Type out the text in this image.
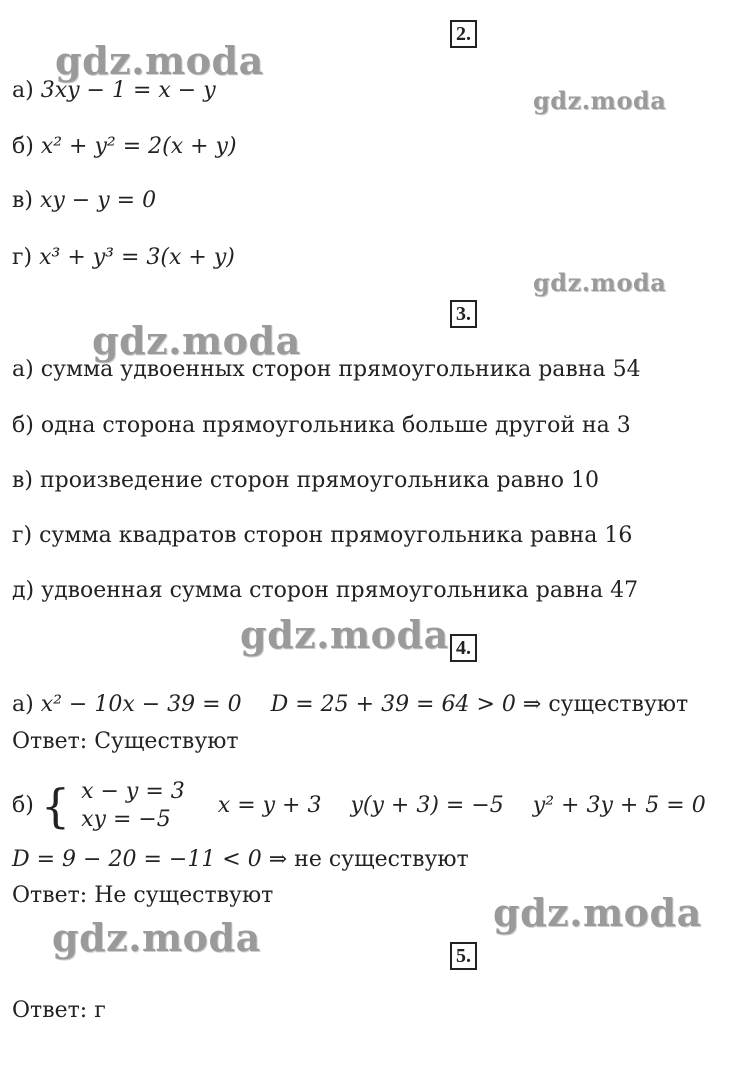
gdz.moda
gdz.moda
gdz.moda
gdz.moda
gdz.moda
gdz.moda
gdz.moda
2.
а) 3xy − 1 = x − y
б) x² + y² = 2(x + y)
в) xy − y = 0
г) x³ + y³ = 3(x + y)
3.
а) сумма удвоенных сторон прямоугольника равна 54
б) одна сторона прямоугольника больше другой на 3
в) произведение сторон прямоугольника равно 10
г) сумма квадратов сторон прямоугольника равна 16
д) удвоенная сумма сторон прямоугольника равна 47
4.
а) x² − 10x − 39 = 0 D = 25 + 39 = 64 > 0 ⇒ существуют
Ответ: Существуют
б) { x − y = 3
xy = −5
x = y + 3 y(y + 3) = −5 y² + 3y + 5 = 0
D = 9 − 20 = −11 < 0 ⇒ не существуют
Ответ: Не существуют
5.
Ответ: г
